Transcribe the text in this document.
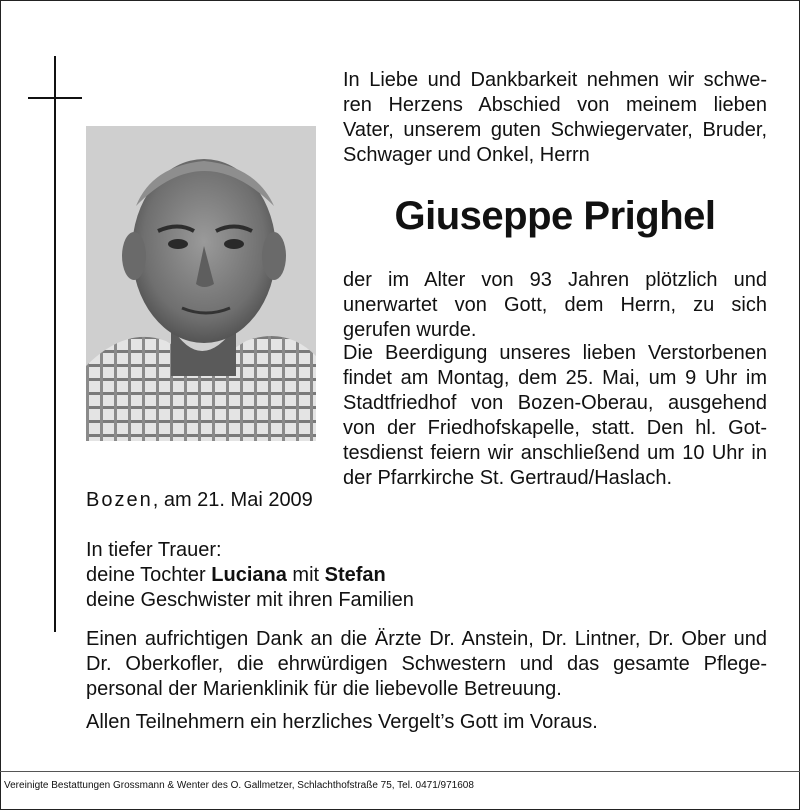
In Liebe und Dankbarkeit nehmen wir schwe-
ren Herzens Abschied von meinem lieben
Vater, unserem guten Schwiegervater, Bruder,
Schwager und Onkel, Herrn
Giuseppe Prighel
der im Alter von 93 Jahren plötzlich und
unerwartet von Gott, dem Herrn, zu sich
gerufen wurde.
Die Beerdigung unseres lieben Verstorbenen
findet am Montag, dem 25. Mai, um 9 Uhr im
Stadtfriedhof von Bozen-Oberau, ausgehend
von der Friedhofskapelle, statt. Den hl. Got-
tesdienst feiern wir anschließend um 10 Uhr in
der Pfarrkirche St. Gertraud/Haslach.
Bozen, am 21. Mai 2009
In tiefer Trauer:
deine Tochter Luciana mit Stefan
deine Geschwister mit ihren Familien
Einen aufrichtigen Dank an die Ärzte Dr. Anstein, Dr. Lintner, Dr. Ober und
Dr. Oberkofler, die ehrwürdigen Schwestern und das gesamte Pflege-
personal der Marienklinik für die liebevolle Betreuung.
Allen Teilnehmern ein herzliches Vergelt’s Gott im Voraus.
Vereinigte Bestattungen Grossmann & Wenter des O. Gallmetzer, Schlachthofstraße 75, Tel. 0471/971608
